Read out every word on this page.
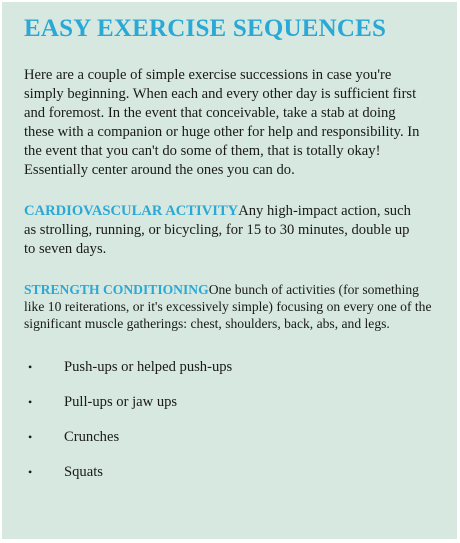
EASY EXERCISE SEQUENCES

Here are a couple of simple exercise successions in case you're simply beginning. When each and every other day is sufficient first and foremost. In the event that conceivable, take a stab at doing these with a companion or huge other for help and responsibility. In the event that you can't do some of them, that is totally okay! Essentially center around the ones you can do.

CARDIOVASCULAR ACTIVITYAny high-impact action, such as strolling, running, or bicycling, for 15 to 30 minutes, double up to seven days.

STRENGTH CONDITIONINGOne bunch of activities (for something like 10 reiterations, or it's excessively simple) focusing on every one of the significant muscle gatherings: chest, shoulders, back, abs, and legs.

• Push-ups or helped push-ups
• Pull-ups or jaw ups
• Crunches
• Squats
